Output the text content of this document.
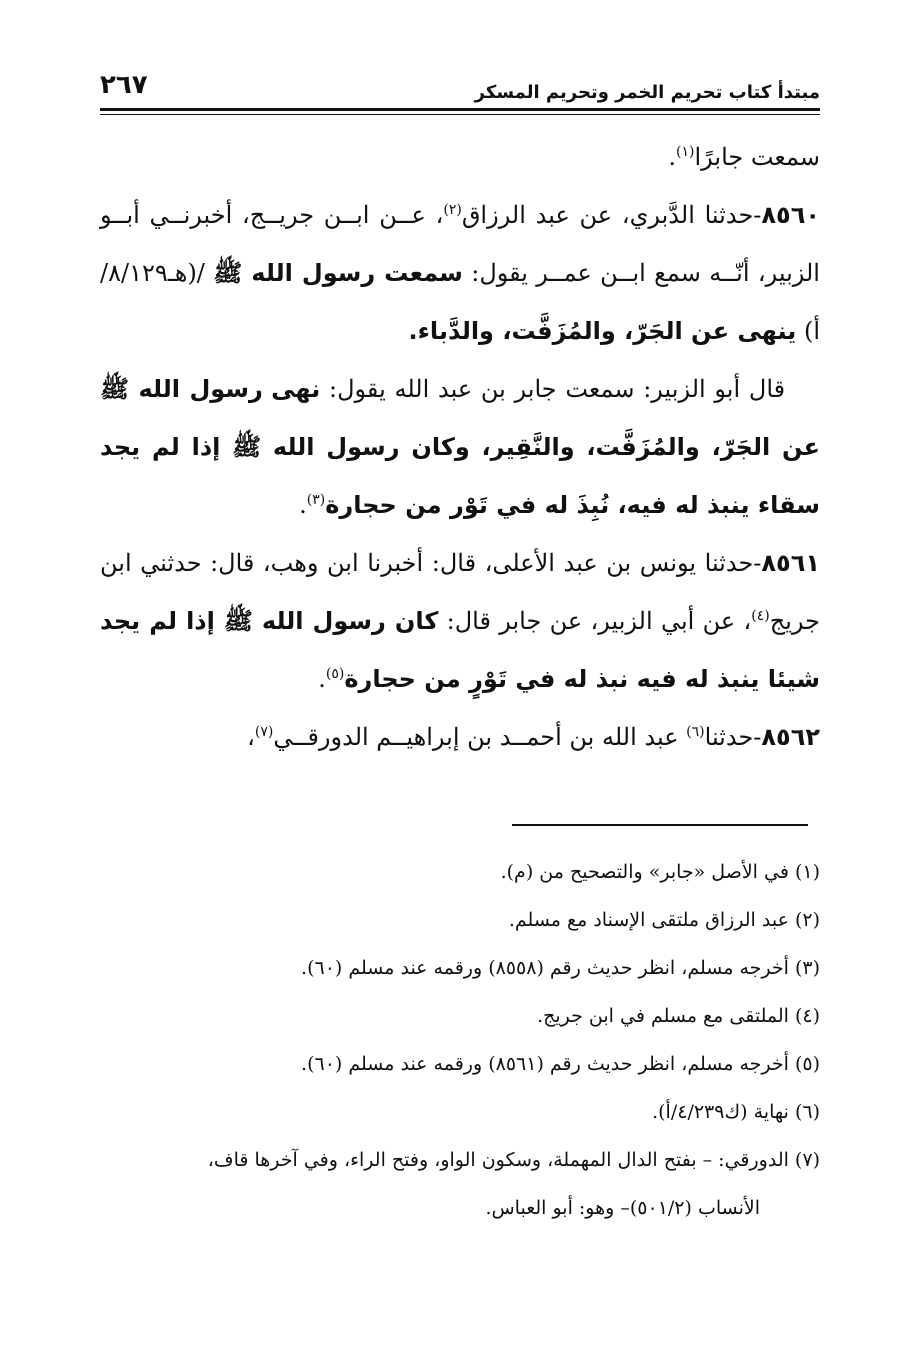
مبتدأ كتاب تحريم الخمر وتحريم المسكر
٢٦٧

سمعت جابرًا$^{(١)}$.

٨٥٦٠-حدثنا الدَّبري، عن عبد الرزاق$^{(٢)}$، عــن ابــن جريــج، أخبرنــي أبــو الزبير، أنّــه سمع ابــن عمــر يقول: سمعت رسول الله ﷺ /(هـ٨/١٢٩/أ) ينهى عن الجَرّ، والمُزَفَّت، والدَّباء.

قال أبو الزبير: سمعت جابر بن عبد الله يقول: نهى رسول الله ﷺ عن الجَرّ، والمُزَفَّت، والنَّقِير، وكان رسول الله ﷺ إذا لم يجد سقاء ينبذ له فيه، نُبِذَ له في تَوْر من حجارة$^{(٣)}$.

٨٥٦١-حدثنا يونس بن عبد الأعلى، قال: أخبرنا ابن وهب، قال: حدثني ابن جريج$^{(٤)}$، عن أبي الزبير، عن جابر قال: كان رسول الله ﷺ إذا لم يجد شيئا ينبذ له فيه نبذ له في تَوْرٍ من حجارة$^{(٥)}$.

٨٥٦٢-حدثنا$^{(٦)}$ عبد الله بن أحمــد بن إبراهيــم الدورقــي$^{(٧)}$،

(١) في الأصل «جابر» والتصحيح من (م).

(٢) عبد الرزاق ملتقى الإسناد مع مسلم.

(٣) أخرجه مسلم، انظر حديث رقم (٨٥٥٨) ورقمه عند مسلم (٦٠).

(٤) الملتقى مع مسلم في ابن جريج.

(٥) أخرجه مسلم، انظر حديث رقم (٨٥٦١) ورقمه عند مسلم (٦٠).

(٦) نهاية (ك٤/٢٣٩/أ).

(٧) الدورقي: – بفتح الدال المهملة، وسكون الواو، وفتح الراء، وفي آخرها قاف،

الأنساب (٥٠١/٢)– وهو: أبو العباس.
